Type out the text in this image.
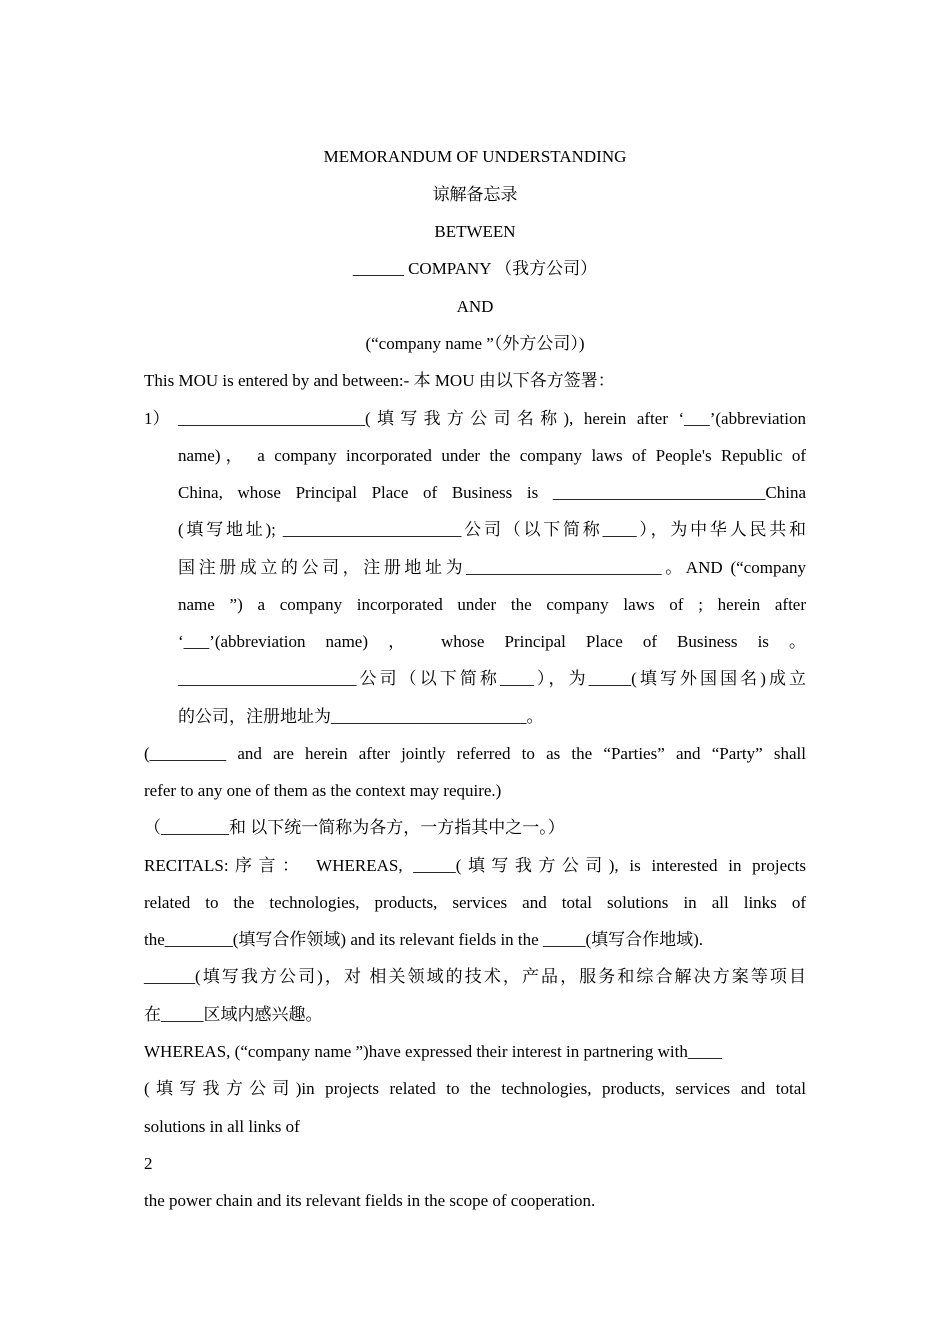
MEMORANDUM OF UNDERSTANDING
谅解备忘录
BETWEEN
______ COMPANY （我方公司）
AND
(“company name ”（外方公司）)
This MOU is entered by and between:- 本 MOU 由以下各方签署：
1） ______________________(填写我方公司名称), herein after ‘___’(abbreviation
name)， a company incorporated under the company laws of People's Republic of
China, whose Principal Place of Business is _________________________China
(填写地址); _____________________公司（以下简称____），为中华人民共和
国注册成立的公司，注册地址为_______________________。AND (“company
name ”) a company incorporated under the company laws of ; herein after
‘___’(abbreviation name) ， whose Principal Place of Business is 。
_____________________公司（以下简称____），为_____(填写外国国名)成立
的公司，注册地址为_______________________。
(_________ and are herein after jointly referred to as the “Parties” and “Party” shall
refer to any one of them as the context may require.)
（________和 以下统一简称为各方，一方指其中之一。）
RECITALS:序言： WHEREAS, _____(填写我方公司), is interested in projects
related to the technologies, products, services and total solutions in all links of
the________(填写合作领域) and its relevant fields in the _____(填写合作地域).
______(填写我方公司)，对 相关领域的技术，产品，服务和综合解决方案等项目
在_____区域内感兴趣。
WHEREAS, (“company name ”)have expressed their interest in partnering with____
(填写我方公司)in projects related to the technologies, products, services and total
solutions in all links of
2
the power chain and its relevant fields in the scope of cooperation.
